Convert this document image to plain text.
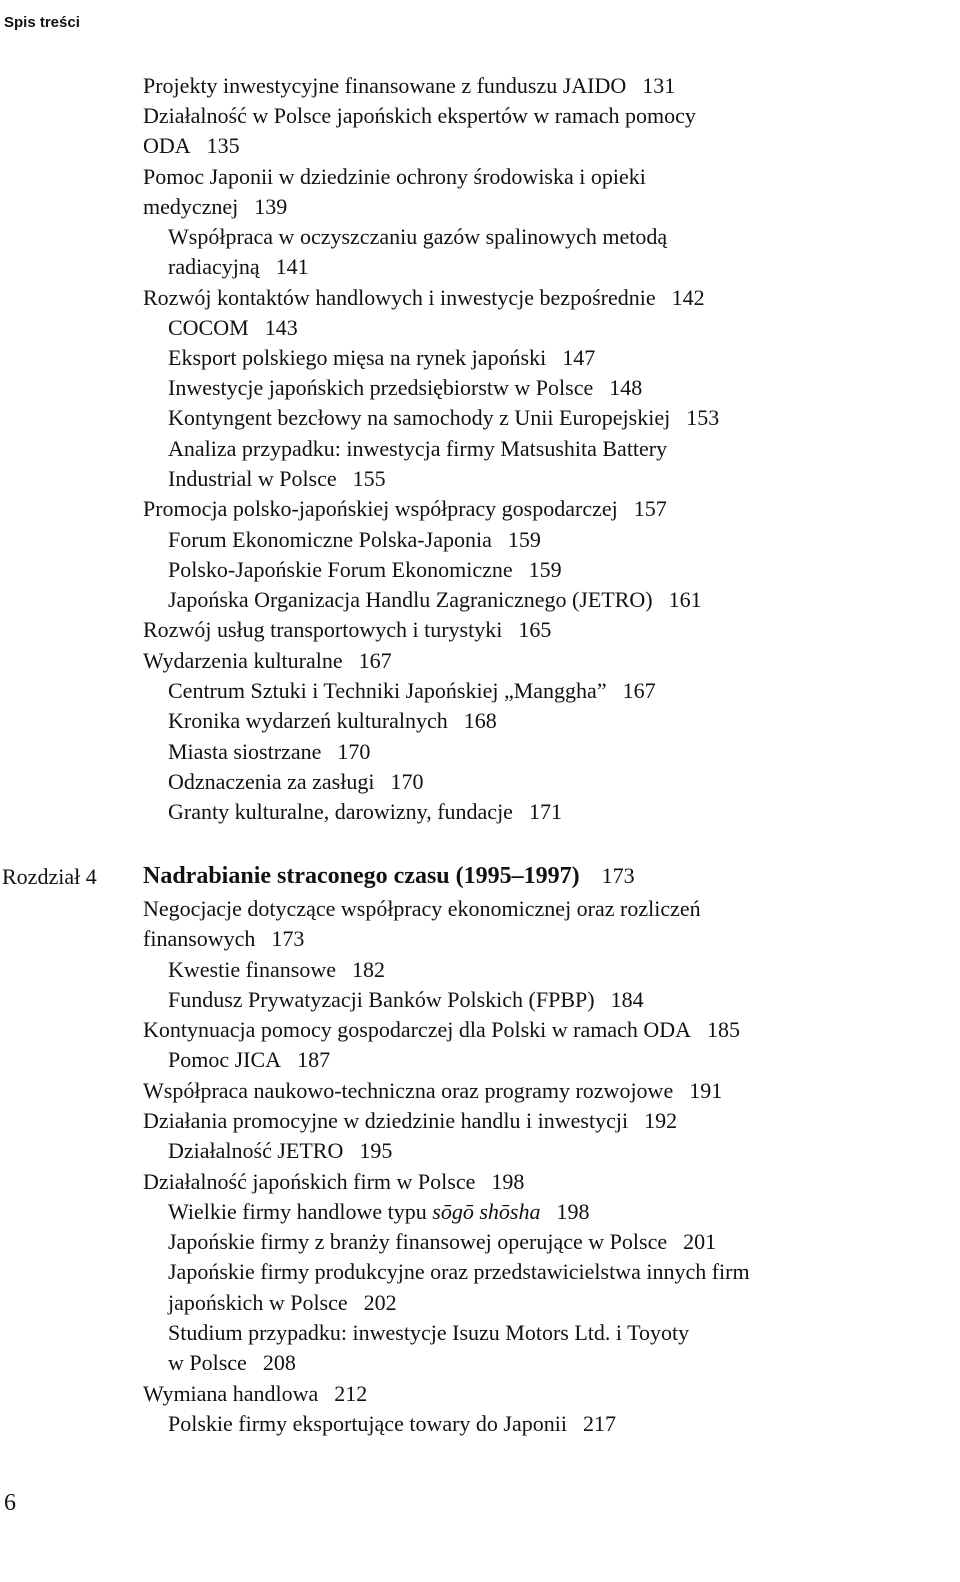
Spis treści
Projekty inwestycyjne finansowane z funduszu JAIDO 131
Działalność w Polsce japońskich ekspertów w ramach pomocy
ODA 135
Pomoc Japonii w dziedzinie ochrony środowiska i opieki
medycznej 139
Współpraca w oczyszczaniu gazów spalinowych metodą
radiacyjną 141
Rozwój kontaktów handlowych i inwestycje bezpośrednie 142
COCOM 143
Eksport polskiego mięsa na rynek japoński 147
Inwestycje japońskich przedsiębiorstw w Polsce 148
Kontyngent bezcłowy na samochody z Unii Europejskiej 153
Analiza przypadku: inwestycja firmy Matsushita Battery
Industrial w Polsce 155
Promocja polsko-japońskiej współpracy gospodarczej 157
Forum Ekonomiczne Polska-Japonia 159
Polsko-Japońskie Forum Ekonomiczne 159
Japońska Organizacja Handlu Zagranicznego (JETRO) 161
Rozwój usług transportowych i turystyki 165
Wydarzenia kulturalne 167
Centrum Sztuki i Techniki Japońskiej „Manggha” 167
Kronika wydarzeń kulturalnych 168
Miasta siostrzane 170
Odznaczenia za zasługi 170
Granty kulturalne, darowizny, fundacje 171
Rozdział 4 Nadrabianie straconego czasu (1995–1997) 173
Negocjacje dotyczące współpracy ekonomicznej oraz rozliczeń
finansowych 173
Kwestie finansowe 182
Fundusz Prywatyzacji Banków Polskich (FPBP) 184
Kontynuacja pomocy gospodarczej dla Polski w ramach ODA 185
Pomoc JICA 187
Współpraca naukowo-techniczna oraz programy rozwojowe 191
Działania promocyjne w dziedzinie handlu i inwestycji 192
Działalność JETRO 195
Działalność japońskich firm w Polsce 198
Wielkie firmy handlowe typu sōgō shōsha 198
Japońskie firmy z branży finansowej operujące w Polsce 201
Japońskie firmy produkcyjne oraz przedstawicielstwa innych firm
japońskich w Polsce 202
Studium przypadku: inwestycje Isuzu Motors Ltd. i Toyoty
w Polsce 208
Wymiana handlowa 212
Polskie firmy eksportujące towary do Japonii 217
6
